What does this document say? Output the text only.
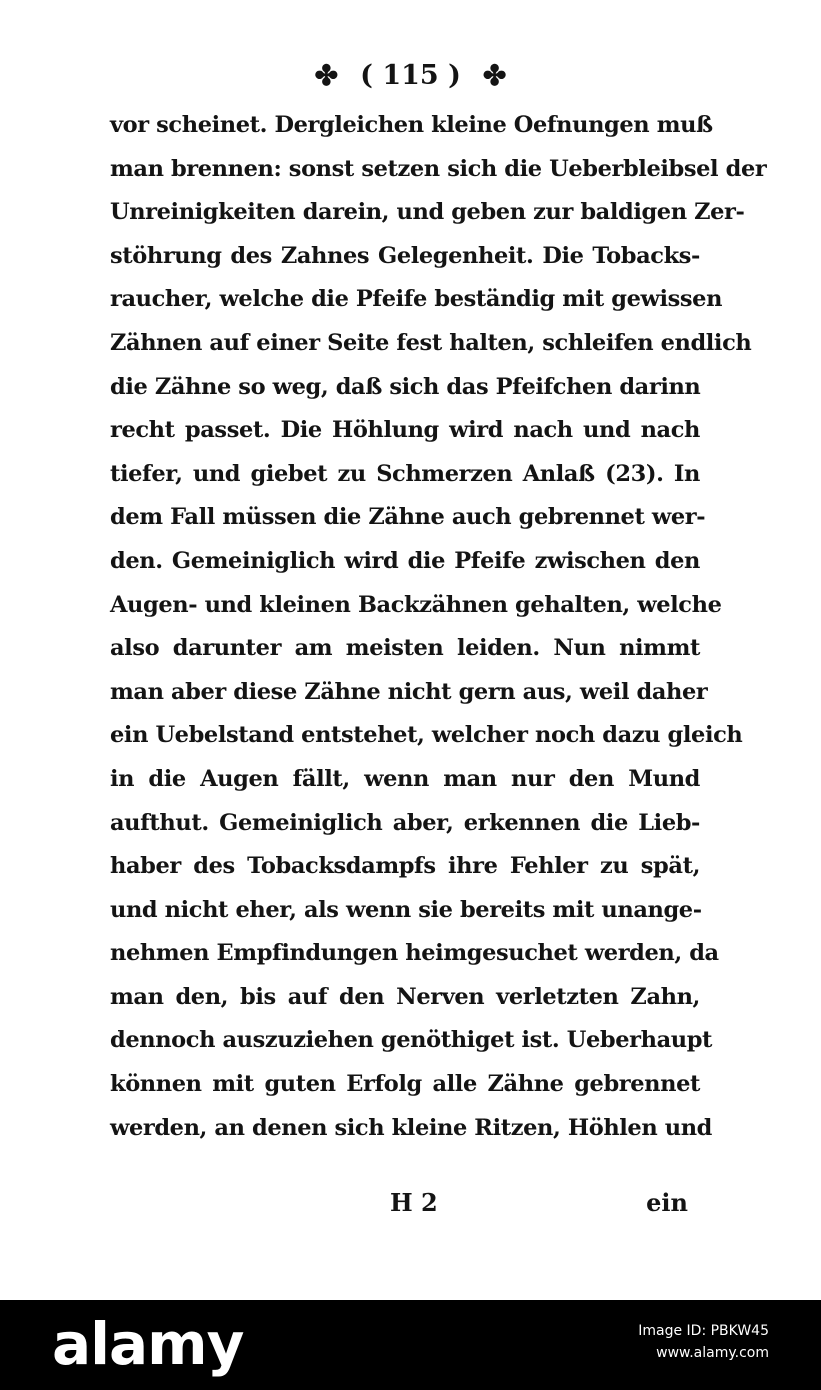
✤ ( 115 ) ✤
vor scheinet. Dergleichen kleine Oefnungen muß
man brennen: sonst setzen sich die Ueberbleibsel der
Unreinigkeiten darein, und geben zur baldigen Zer-
stöhrung des Zahnes Gelegenheit. Die Tobacks-
raucher, welche die Pfeife beständig mit gewissen
Zähnen auf einer Seite fest halten, schleifen endlich
die Zähne so weg, daß sich das Pfeifchen darinn
recht passet. Die Höhlung wird nach und nach
tiefer, und giebet zu Schmerzen Anlaß (23). In
dem Fall müssen die Zähne auch gebrennet wer-
den. Gemeiniglich wird die Pfeife zwischen den
Augen- und kleinen Backzähnen gehalten, welche
also darunter am meisten leiden. Nun nimmt
man aber diese Zähne nicht gern aus, weil daher
ein Uebelstand entstehet, welcher noch dazu gleich
in die Augen fällt, wenn man nur den Mund
aufthut. Gemeiniglich aber, erkennen die Lieb-
haber des Tobacksdampfs ihre Fehler zu spät,
und nicht eher, als wenn sie bereits mit unange-
nehmen Empfindungen heimgesuchet werden, da
man den, bis auf den Nerven verletzten Zahn,
dennoch auszuziehen genöthiget ist. Ueberhaupt
können mit guten Erfolg alle Zähne gebrennet
werden, an denen sich kleine Ritzen, Höhlen und
H 2	ein
alamy	Image ID: PBKW45
www.alamy.com
